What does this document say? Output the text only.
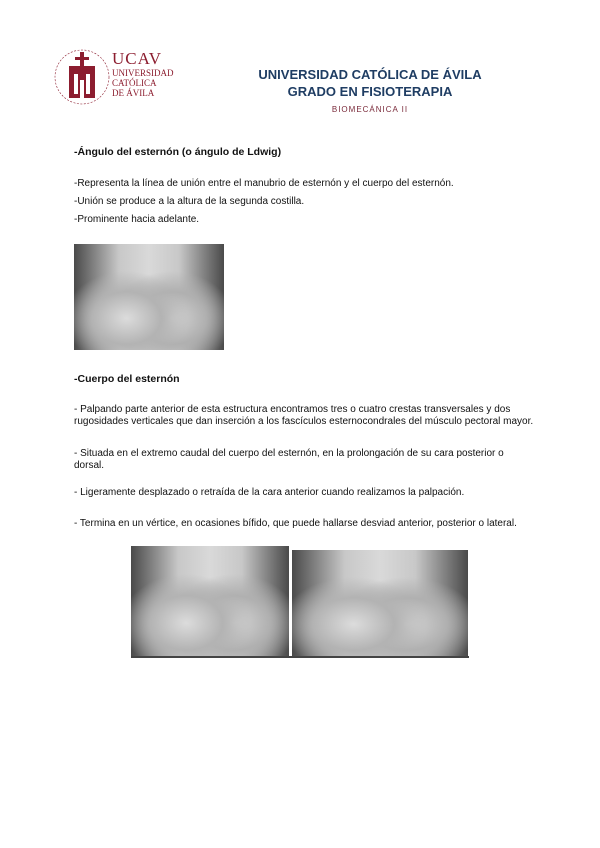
UCAV
UNIVERSIDAD
CATÓLICA
DE ÁVILA
UNIVERSIDAD CATÓLICA DE ÁVILA
GRADO EN FISIOTERAPIA
BIOMECÁNICA II
-Ángulo del esternón (o ángulo de Ldwig)
-Representa la línea de unión entre el manubrio de esternón y el cuerpo del esternón.
-Unión se produce a la altura de la segunda costilla.
-Prominente hacia adelante.
-Cuerpo del esternón
- Palpando parte anterior de esta estructura encontramos tres o cuatro crestas transversales y dos rugosidades verticales que dan inserción a los fascículos esternocondrales del músculo pectoral mayor.
- Situada en el extremo caudal del cuerpo del esternón, en la prolongación de su cara posterior o dorsal.
- Ligeramente desplazado o retraída de la cara anterior cuando realizamos la palpación.
- Termina en un vértice, en ocasiones bífido, que puede hallarse desviad anterior, posterior o lateral.
